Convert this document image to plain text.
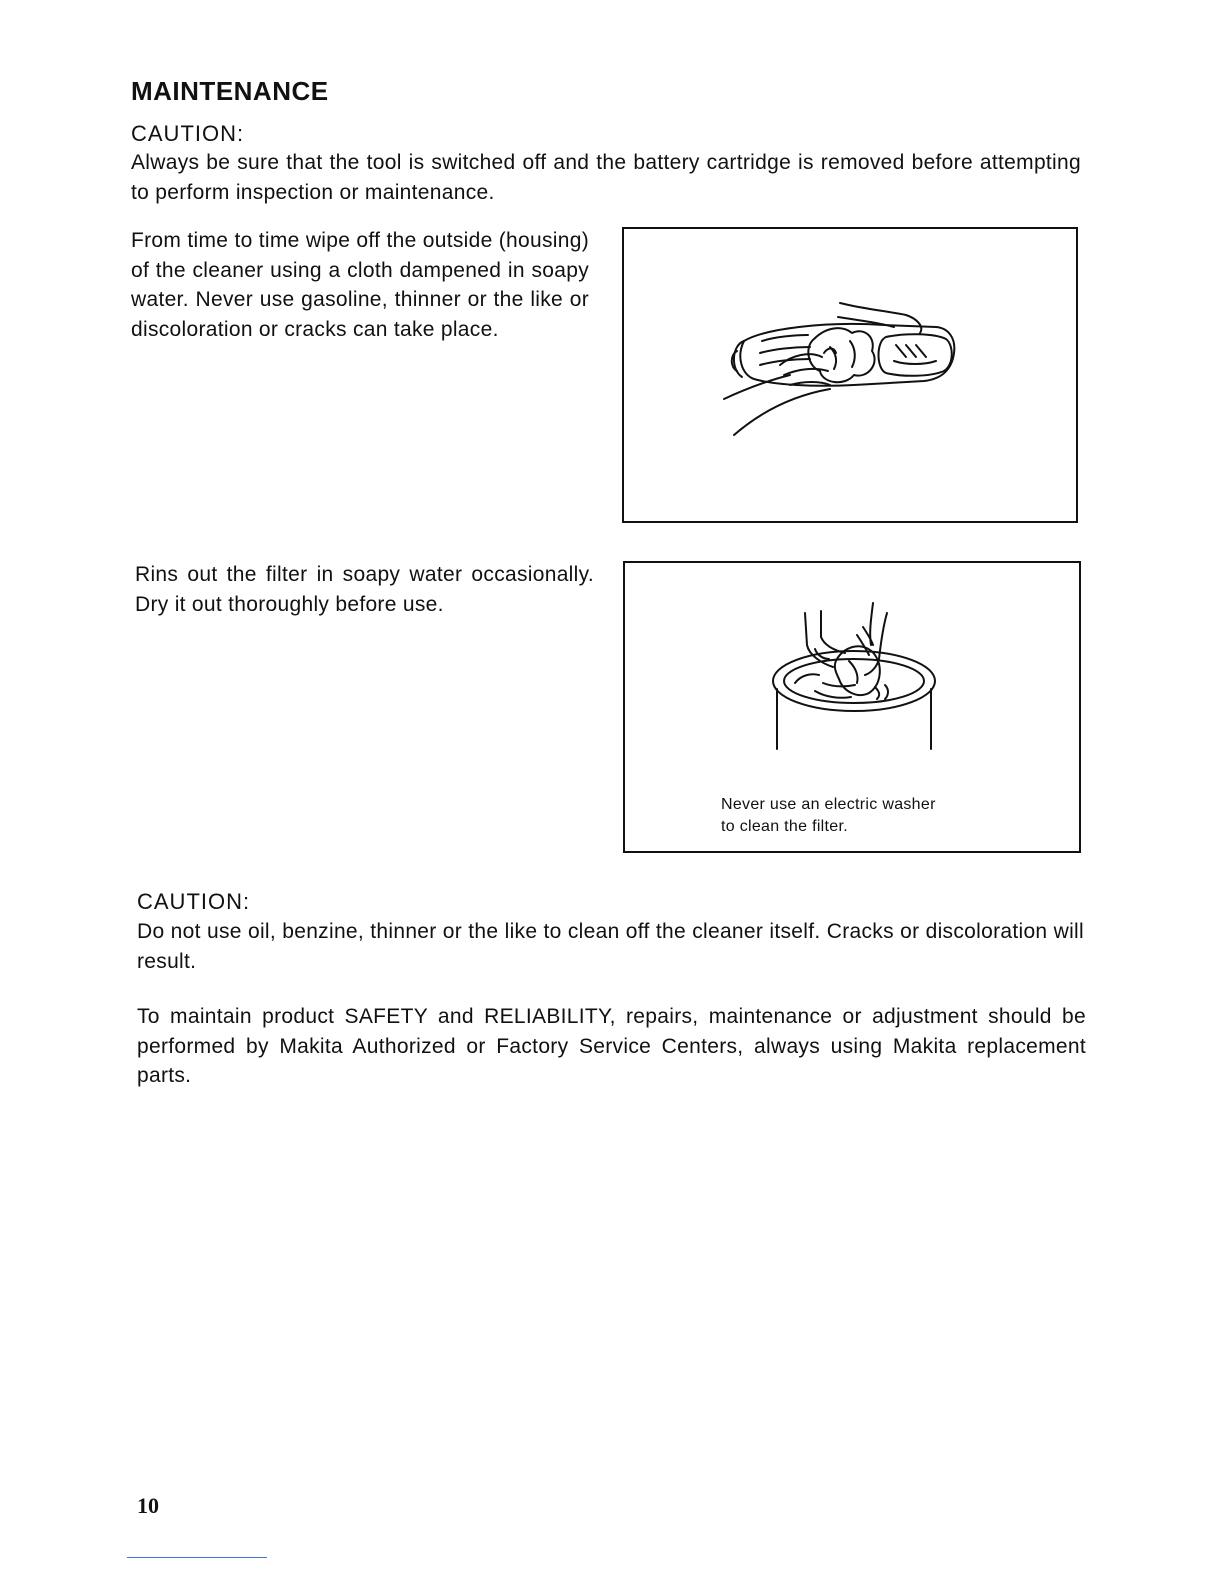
MAINTENANCE
CAUTION:
Always be sure that the tool is switched off and the battery cartridge is removed before attempting to perform inspection or maintenance.
From time to time wipe off the outside (housing) of the cleaner using a cloth dampened in soapy water. Never use gasoline, thinner or the like or discoloration or cracks can take place.
Rins out the filter in soapy water occasionally. Dry it out thoroughly before use.
Never use an electric washer
to clean the filter.
CAUTION:
Do not use oil, benzine, thinner or the like to clean off the cleaner itself. Cracks or discoloration will result.
To maintain product SAFETY and RELIABILITY, repairs, maintenance or adjustment should be performed by Makita Authorized or Factory Service Centers, always using Makita replacement parts.
10
